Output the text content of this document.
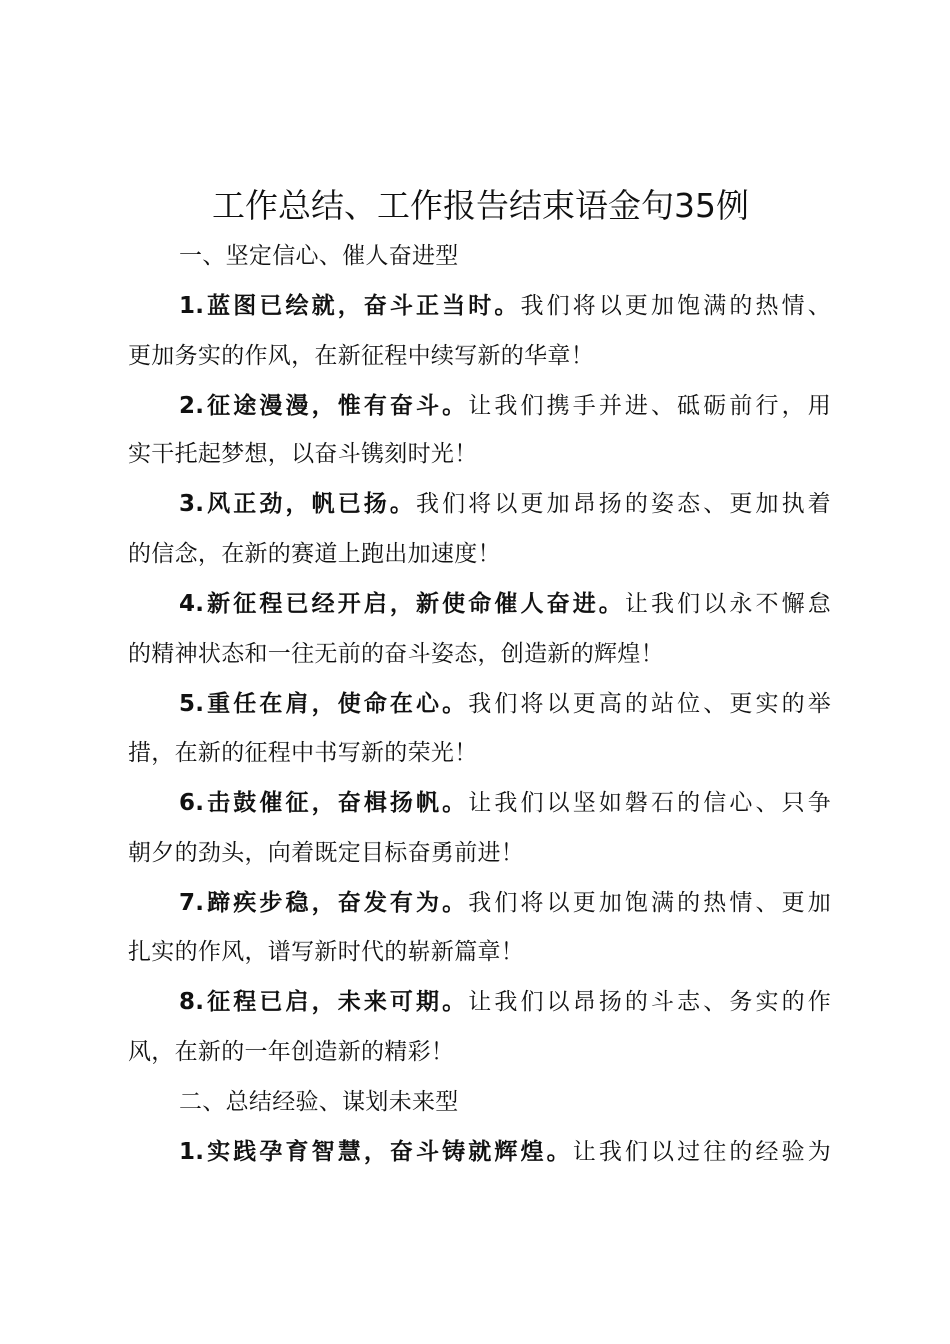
工作总结、工作报告结束语金句35例
一、坚定信心、催人奋进型
1.蓝图已绘就，奋斗正当时。我们将以更加饱满的热情、
更加务实的作风，在新征程中续写新的华章！
2.征途漫漫，惟有奋斗。让我们携手并进、砥砺前行，用
实干托起梦想，以奋斗镌刻时光！
3.风正劲，帆已扬。我们将以更加昂扬的姿态、更加执着
的信念，在新的赛道上跑出加速度！
4.新征程已经开启，新使命催人奋进。让我们以永不懈怠
的精神状态和一往无前的奋斗姿态，创造新的辉煌！
5.重任在肩，使命在心。我们将以更高的站位、更实的举
措，在新的征程中书写新的荣光！
6.击鼓催征，奋楫扬帆。让我们以坚如磐石的信心、只争
朝夕的劲头，向着既定目标奋勇前进！
7.蹄疾步稳，奋发有为。我们将以更加饱满的热情、更加
扎实的作风，谱写新时代的崭新篇章！
8.征程已启，未来可期。让我们以昂扬的斗志、务实的作
风，在新的一年创造新的精彩！
二、总结经验、谋划未来型
1.实践孕育智慧，奋斗铸就辉煌。让我们以过往的经验为
